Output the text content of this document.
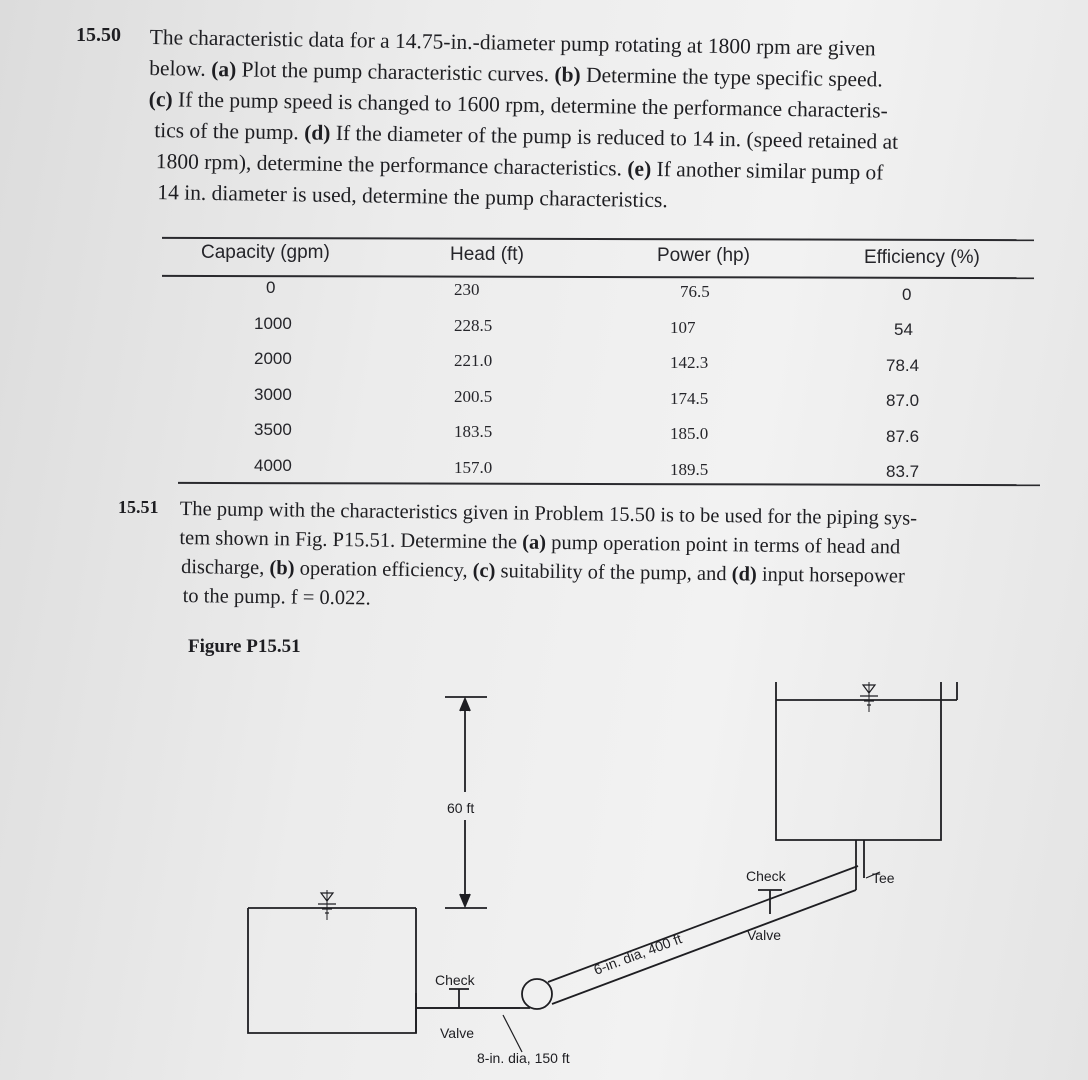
15.50 The characteristic data for a 14.75-in.-diameter pump rotating at 1800 rpm are given
below. (a) Plot the pump characteristic curves. (b) Determine the type specific speed.
(c) If the pump speed is changed to 1600 rpm, determine the performance characteris-
tics of the pump. (d) If the diameter of the pump is reduced to 14 in. (speed retained at
1800 rpm), determine the performance characteristics. (e) If another similar pump of
14 in. diameter is used, determine the pump characteristics.
Capacity (gpm)	Head (ft)	Power (hp)	Efficiency (%)
0	230	76.5	0
1000	228.5	107	54
2000	221.0	142.3	78.4
3000	200.5	174.5	87.0
3500	183.5	185.0	87.6
4000	157.0	189.5	83.7
15.51 The pump with the characteristics given in Problem 15.50 is to be used for the piping sys-
tem shown in Fig. P15.51. Determine the (a) pump operation point in terms of head and
discharge, (b) operation efficiency, (c) suitability of the pump, and (d) input horsepower
to the pump. f = 0.022.
Figure P15.51
60 ft
Check
Valve
8-in. dia, 150 ft
6-in. dia, 400 ft
Check
Valve
Tee
